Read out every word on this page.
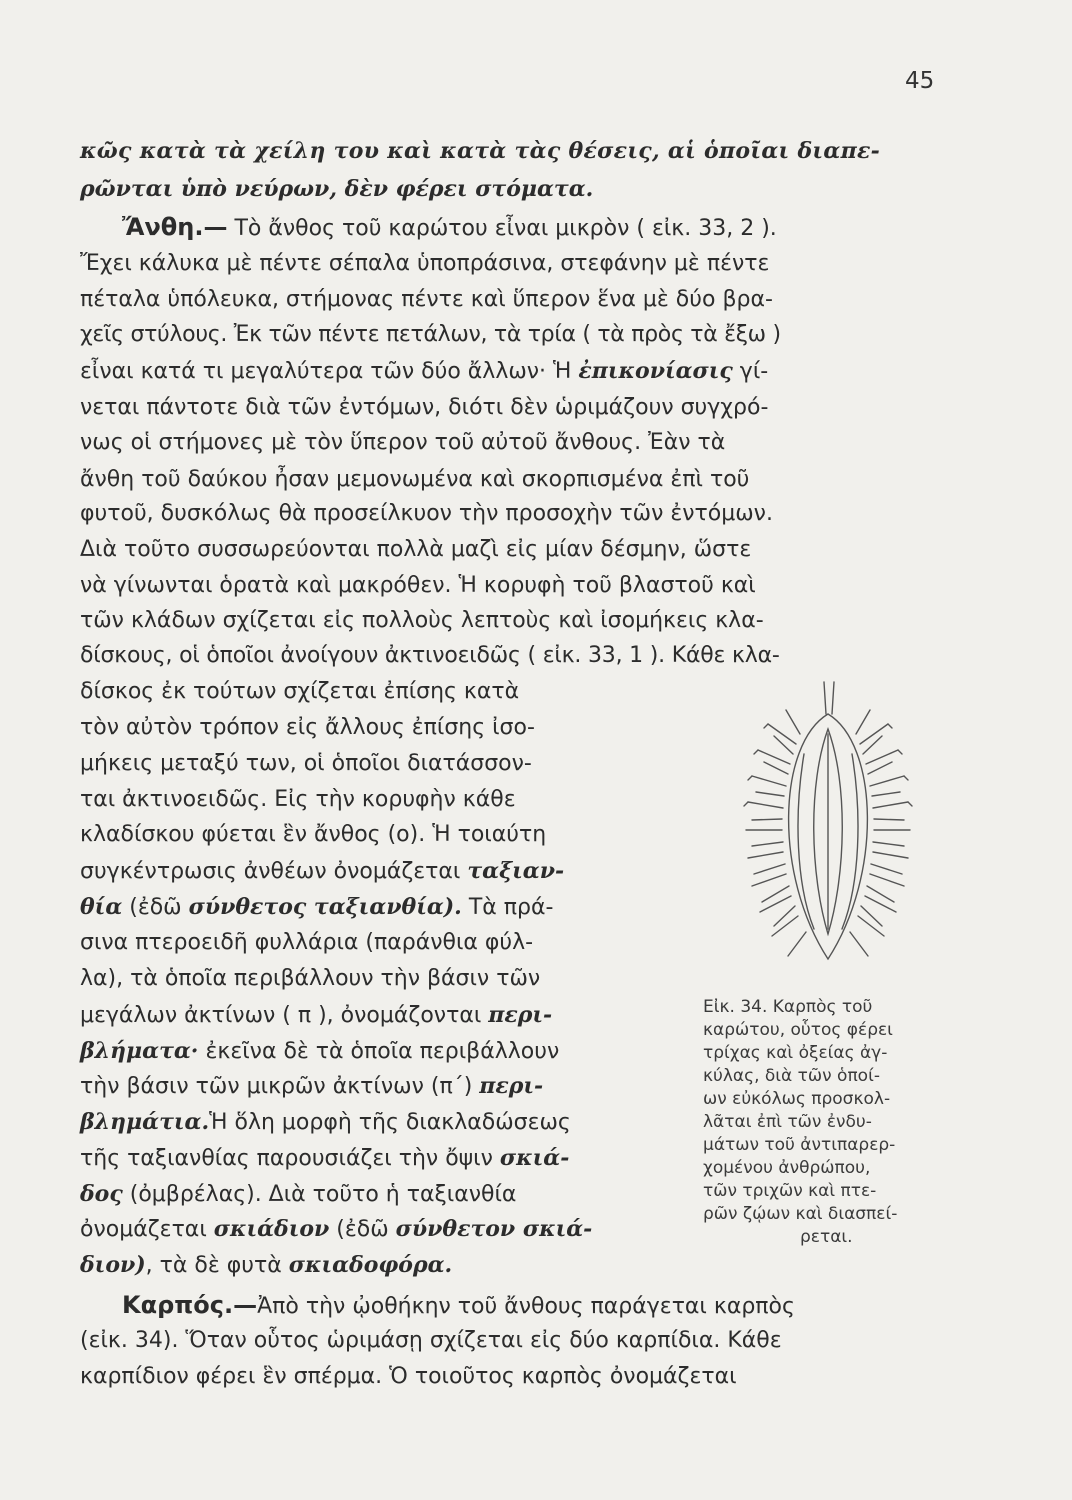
45

κῶς κατὰ τὰ χείλη του καὶ κατὰ τὰς θέσεις, αἱ ὁποῖαι διαπε-

ρῶνται ὑπὸ νεύρων, δὲν φέρει στόματα.

Ἄνθη.— Τὸ ἄνθος τοῦ καρώτου εἶναι μικρὸν ( εἰκ. 33, 2 ).

Ἔχει κάλυκα μὲ πέντε σέπαλα ὑποπράσινα, στεφάνην μὲ πέντε

πέταλα ὑπόλευκα, στήμονας πέντε καὶ ὕπερον ἕνα μὲ δύο βρα-

χεῖς στύλους. Ἐκ τῶν πέντε πετάλων, τὰ τρία ( τὰ πρὸς τὰ ἔξω )

εἶναι κατά τι μεγαλύτερα τῶν δύο ἄλλων· Ἡ ἐπικονίασις γί-

νεται πάντοτε διὰ τῶν ἐντόμων, διότι δὲν ὡριμάζουν συγχρό-

νως οἱ στήμονες μὲ τὸν ὕπερον τοῦ αὐτοῦ ἄνθους. Ἐὰν τὰ

ἄνθη τοῦ δαύκου ἦσαν μεμονωμένα καὶ σκορπισμένα ἐπὶ τοῦ

φυτοῦ, δυσκόλως θὰ προσείλκυον τὴν προσοχὴν τῶν ἐντόμων.

Διὰ τοῦτο συσσωρεύονται πολλὰ μαζὶ εἰς μίαν δέσμην, ὥστε

νὰ γίνωνται ὁρατὰ καὶ μακρόθεν. Ἡ κορυφὴ τοῦ βλαστοῦ καὶ

τῶν κλάδων σχίζεται εἰς πολλοὺς λεπτοὺς καὶ ἰσομήκεις κλα-

δίσκους, οἱ ὁποῖοι ἀνοίγουν ἀκτινοειδῶς ( εἰκ. 33, 1 ). Κάθε κλα-

δίσκος ἐκ τούτων σχίζεται ἐπίσης κατὰ

τὸν αὐτὸν τρόπον εἰς ἄλλους ἐπίσης ἰσο-

μήκεις μεταξύ των, οἱ ὁποῖοι διατάσσον-

ται ἀκτινοειδῶς. Εἰς τὴν κορυφὴν κάθε

κλαδίσκου φύεται ἓν ἄνθος (ο). Ἡ τοιαύτη

συγκέντρωσις ἀνθέων ὀνομάζεται ταξιαν-

θία (ἐδῶ σύνθετος ταξιανθία). Τὰ πρά-

σινα πτεροειδῆ φυλλάρια (παράνθια φύλ-

λα), τὰ ὁποῖα περιβάλλουν τὴν βάσιν τῶν

μεγάλων ἀκτίνων ( π ), ὀνομάζονται περι-

βλήματα· ἐκεῖνα δὲ τὰ ὁποῖα περιβάλλουν

τὴν βάσιν τῶν μικρῶν ἀκτίνων (π΄) περι-

βλημάτια.Ἡ ὅλη μορφὴ τῆς διακλαδώσεως

τῆς ταξιανθίας παρουσιάζει τὴν ὄψιν σκιά-

δος (ὀμβρέλας). Διὰ τοῦτο ἡ ταξιανθία

ὀνομάζεται σκιάδιον (ἐδῶ σύνθετον σκιά-

διον), τὰ δὲ φυτὰ σκιαδοφόρα.

Καρπός.—Ἀπὸ τὴν ᾠοθήκην τοῦ ἄνθους παράγεται καρπὸς

(εἰκ. 34). Ὅταν οὗτος ὡριμάσῃ σχίζεται εἰς δύο καρπίδια. Κάθε

καρπίδιον φέρει ἓν σπέρμα. Ὁ τοιοῦτος καρπὸς ὀνομάζεται

Εἰκ. 34. Καρπὸς τοῦ

καρώτου, οὗτος φέρει

τρίχας καὶ ὀξείας ἀγ-

κύλας, διὰ τῶν ὁποί-

ων εὐκόλως προσκολ-

λᾶται ἐπὶ τῶν ἐνδυ-

μάτων τοῦ ἀντιπαρερ-

χομένου ἀνθρώπου,

τῶν τριχῶν καὶ πτε-

ρῶν ζῴων καὶ διασπεί-

ρεται.
